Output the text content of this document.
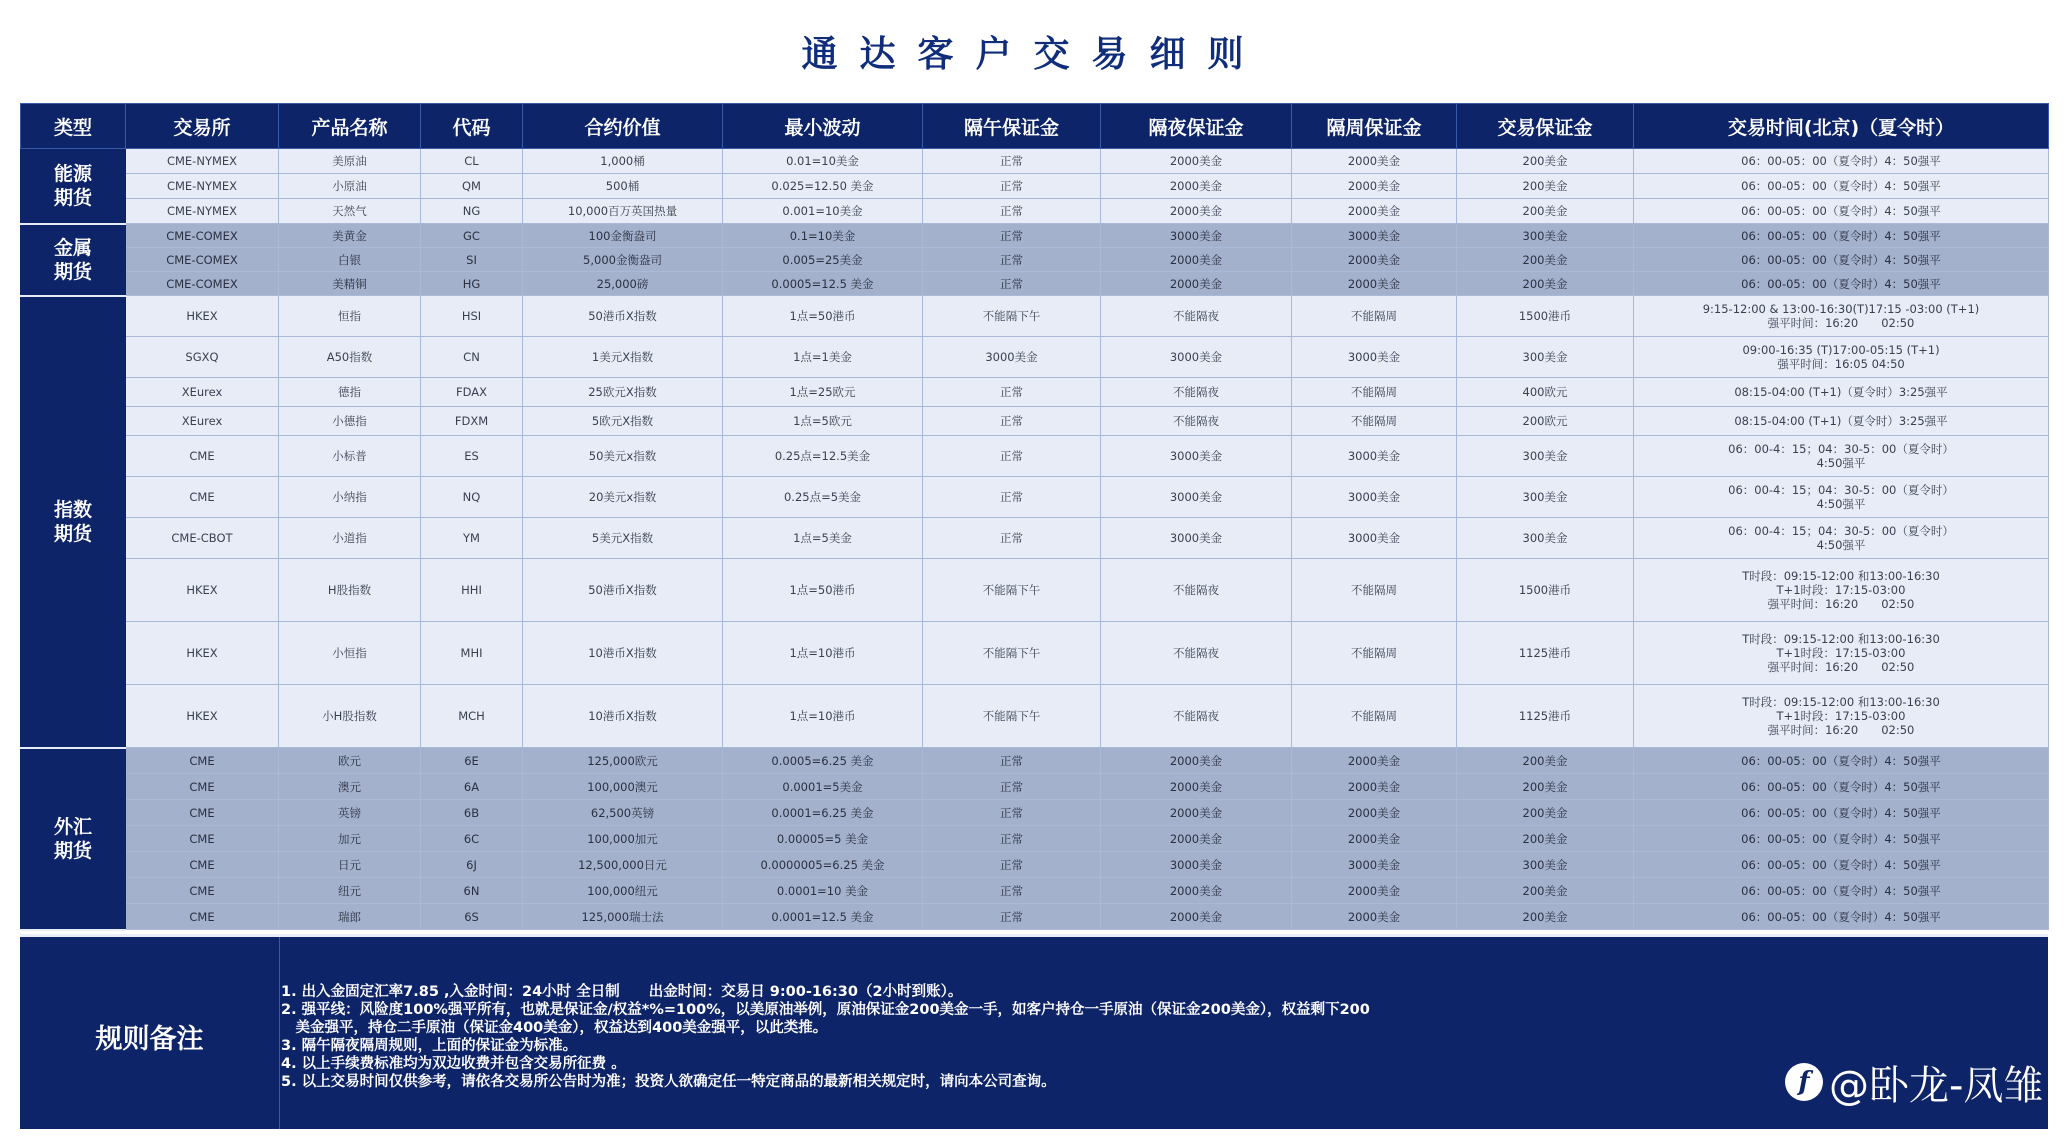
通达客户交易细则
类型	交易所	产品名称	代码	合约价值	最小波动	隔午保证金	隔夜保证金	隔周保证金	交易保证金	交易时间(北京)（夏令时）
能源
期货	CME-NYMEX	美原油	CL	1,000桶	0.01=10美金	正常	2000美金	2000美金	200美金	06：00-05：00（夏令时）4：50强平
	CME-NYMEX	小原油	QM	500桶	0.025=12.50 美金	正常	2000美金	2000美金	200美金	06：00-05：00（夏令时）4：50强平
	CME-NYMEX	天然气	NG	10,000百万英国热量	0.001=10美金	正常	2000美金	2000美金	200美金	06：00-05：00（夏令时）4：50强平
金属
期货	CME-COMEX	美黄金	GC	100金衡盎司	0.1=10美金	正常	3000美金	3000美金	300美金	06：00-05：00（夏令时）4：50强平
	CME-COMEX	白银	SI	5,000金衡盎司	0.005=25美金	正常	2000美金	2000美金	200美金	06：00-05：00（夏令时）4：50强平
	CME-COMEX	美精铜	HG	25,000磅	0.0005=12.5 美金	正常	2000美金	2000美金	200美金	06：00-05：00（夏令时）4：50强平
指数
期货	HKEX	恒指	HSI	50港币X指数	1点=50港币	不能隔下午	不能隔夜	不能隔周	1500港币	9:15-12:00 & 13:00-16:30(T)17:15 -03:00 (T+1)
强平时间：16:20　　02:50
	SGXQ	A50指数	CN	1美元X指数	1点=1美金	3000美金	3000美金	3000美金	300美金	09:00-16:35 (T)17:00-05:15 (T+1)
强平时间：16:05 04:50
	XEurex	德指	FDAX	25欧元X指数	1点=25欧元	正常	不能隔夜	不能隔周	400欧元	08:15-04:00 (T+1)（夏令时）3:25强平
	XEurex	小德指	FDXM	5欧元X指数	1点=5欧元	正常	不能隔夜	不能隔周	200欧元	08:15-04:00 (T+1)（夏令时）3:25强平
	CME	小标普	ES	50美元x指数	0.25点=12.5美金	正常	3000美金	3000美金	300美金	06：00-4：15；04：30-5：00（夏令时）
4:50强平
	CME	小纳指	NQ	20美元x指数	0.25点=5美金	正常	3000美金	3000美金	300美金	06：00-4：15；04：30-5：00（夏令时）
4:50强平
	CME-CBOT	小道指	YM	5美元X指数	1点=5美金	正常	3000美金	3000美金	300美金	06：00-4：15；04：30-5：00（夏令时）
4:50强平
	HKEX	H股指数	HHI	50港币X指数	1点=50港币	不能隔下午	不能隔夜	不能隔周	1500港币	T时段：09:15-12:00 和13:00-16:30
T+1时段：17:15-03:00
强平时间：16:20　　02:50
	HKEX	小恒指	MHI	10港币X指数	1点=10港币	不能隔下午	不能隔夜	不能隔周	1125港币	T时段：09:15-12:00 和13:00-16:30
T+1时段：17:15-03:00
强平时间：16:20　　02:50
	HKEX	小H股指数	MCH	10港币X指数	1点=10港币	不能隔下午	不能隔夜	不能隔周	1125港币	T时段：09:15-12:00 和13:00-16:30
T+1时段：17:15-03:00
强平时间：16:20　　02:50
外汇
期货	CME	欧元	6E	125,000欧元	0.0005=6.25 美金	正常	2000美金	2000美金	200美金	06：00-05：00（夏令时）4：50强平
	CME	澳元	6A	100,000澳元	0.0001=5美金	正常	2000美金	2000美金	200美金	06：00-05：00（夏令时）4：50强平
	CME	英镑	6B	62,500英镑	0.0001=6.25 美金	正常	2000美金	2000美金	200美金	06：00-05：00（夏令时）4：50强平
	CME	加元	6C	100,000加元	0.00005=5 美金	正常	2000美金	2000美金	200美金	06：00-05：00（夏令时）4：50强平
	CME	日元	6J	12,500,000日元	0.0000005=6.25 美金	正常	3000美金	3000美金	300美金	06：00-05：00（夏令时）4：50强平
	CME	纽元	6N	100,000纽元	0.0001=10 美金	正常	2000美金	2000美金	200美金	06：00-05：00（夏令时）4：50强平
	CME	瑞郎	6S	125,000瑞士法	0.0001=12.5 美金	正常	2000美金	2000美金	200美金	06：00-05：00（夏令时）4：50强平
规则备注
1. 出入金固定汇率7.85 ,入金时间：24小时 全日制　　出金时间：交易日 9:00-16:30（2小时到账）。
2. 强平线：风险度100%强平所有，也就是保证金/权益*%=100%，以美原油举例，原油保证金200美金一手，如客户持仓一手原油（保证金200美金），权益剩下200
　美金强平，持仓二手原油（保证金400美金），权益达到400美金强平，以此类推。
3. 隔午隔夜隔周规则，上面的保证金为标准。
4. 以上手续费标准均为双边收费并包含交易所征费 。
5. 以上交易时间仅供参考，请依各交易所公告时为准；投资人欲确定任一特定商品的最新相关规定时，请向本公司查询。	f @卧龙-凤雏
